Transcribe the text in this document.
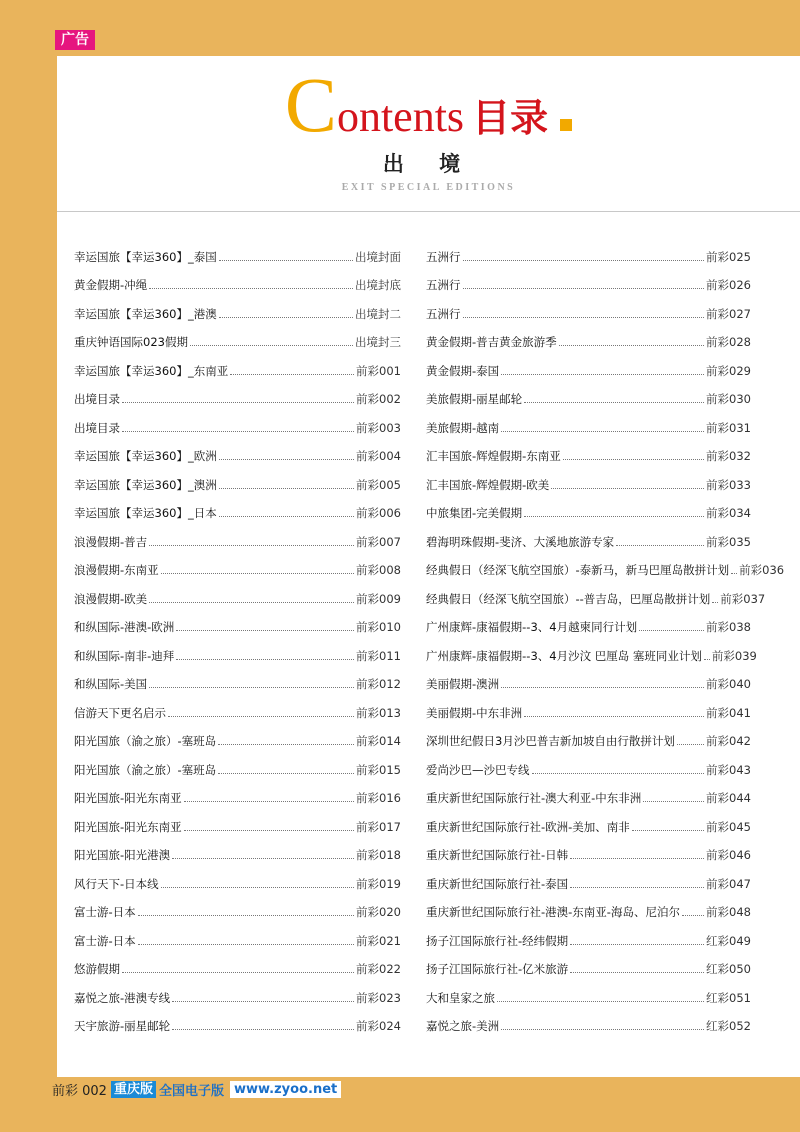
广告
Contents 目录
出 境
EXIT SPECIAL EDITIONS
幸运国旅【幸运360】_泰国	出境封面
黄金假期-冲绳	出境封底
幸运国旅【幸运360】_港澳	出境封二
重庆钟语国际023假期	出境封三
幸运国旅【幸运360】_东南亚	前彩001
出境目录	前彩002
出境目录	前彩003
幸运国旅【幸运360】_欧洲	前彩004
幸运国旅【幸运360】_澳洲	前彩005
幸运国旅【幸运360】_日本	前彩006
浪漫假期-普吉	前彩007
浪漫假期-东南亚	前彩008
浪漫假期-欧美	前彩009
和纵国际-港澳-欧洲	前彩010
和纵国际-南非-迪拜	前彩011
和纵国际-美国	前彩012
信游天下更名启示	前彩013
阳光国旅（渝之旅）-塞班岛	前彩014
阳光国旅（渝之旅）-塞班岛	前彩015
阳光国旅-阳光东南亚	前彩016
阳光国旅-阳光东南亚	前彩017
阳光国旅-阳光港澳	前彩018
风行天下-日本线	前彩019
富士游-日本	前彩020
富士游-日本	前彩021
悠游假期	前彩022
嘉悦之旅-港澳专线	前彩023
天宇旅游-丽星邮轮	前彩024
五洲行	前彩025
五洲行	前彩026
五洲行	前彩027
黄金假期-普吉黄金旅游季	前彩028
黄金假期-泰国	前彩029
美旅假期-丽星邮轮	前彩030
美旅假期-越南	前彩031
汇丰国旅-辉煌假期-东南亚	前彩032
汇丰国旅-辉煌假期-欧美	前彩033
中旅集团-完美假期	前彩034
碧海明珠假期-斐济、大溪地旅游专家	前彩035
经典假日（经深飞航空国旅）-泰新马，新马巴厘岛散拼计划 前彩036
经典假日（经深飞航空国旅）--普吉岛，巴厘岛散拼计划 前彩037
广州康辉-康福假期--3、4月越柬同行计划	前彩038
广州康辉-康福假期--3、4月沙汶 巴厘岛 塞班同业计划 前彩039
美丽假期-澳洲	前彩040
美丽假期-中东非洲	前彩041
深圳世纪假日3月沙巴普吉新加坡自由行散拼计划	前彩042
爱尚沙巴—沙巴专线	前彩043
重庆新世纪国际旅行社-澳大利亚-中东非洲	前彩044
重庆新世纪国际旅行社-欧洲-美加、南非	前彩045
重庆新世纪国际旅行社-日韩	前彩046
重庆新世纪国际旅行社-泰国	前彩047
重庆新世纪国际旅行社-港澳-东南亚-海岛、尼泊尔 前彩048
扬子江国际旅行社-经纬假期	红彩049
扬子江国际旅行社-亿米旅游	红彩050
大和皇家之旅	红彩051
嘉悦之旅-美洲	红彩052
前彩 002 重庆版 全国电子版 www.zyoo.net
